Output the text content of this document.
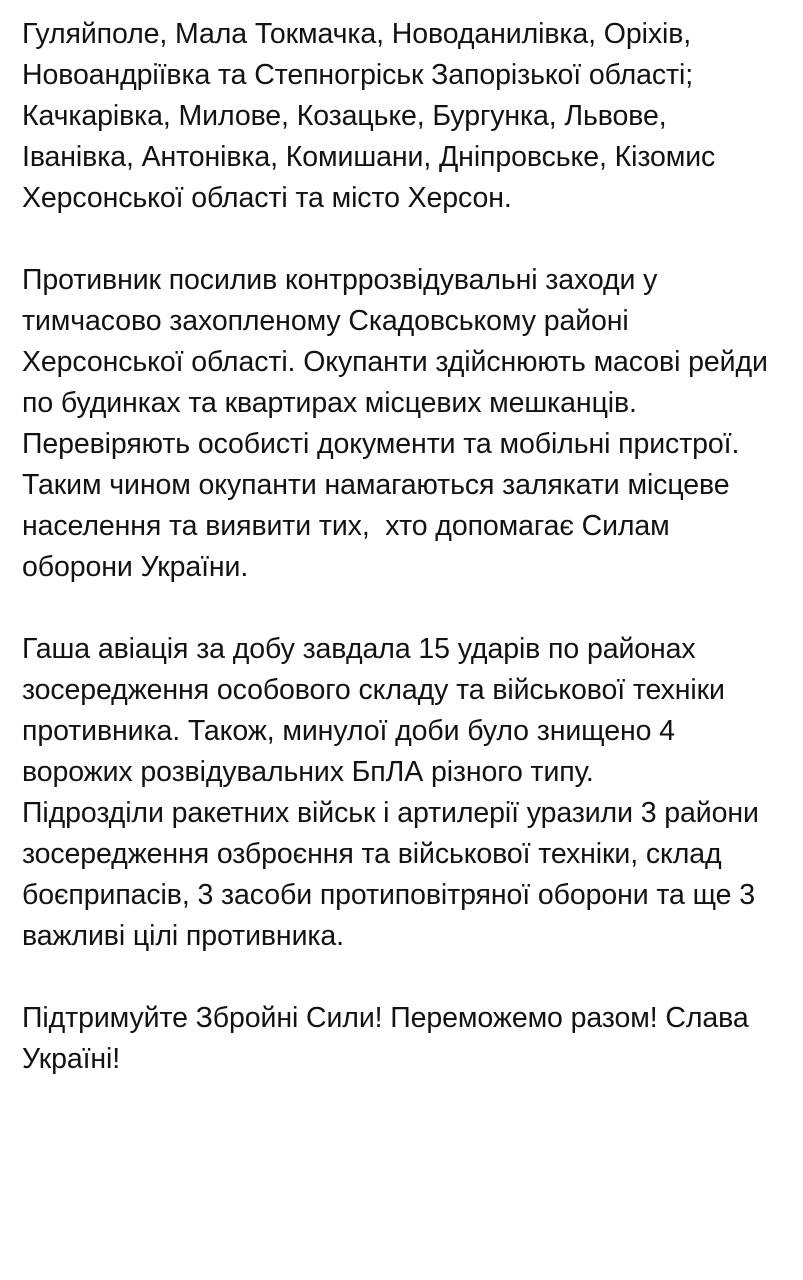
Гуляйполе, Мала Токмачка, Новоданилівка, Оріхів, Новоандріївка та Степногріськ Запорізької області; Качкарівка, Милове, Козацьке, Бургунка, Львове, Іванівка, Антонівка, Комишани, Дніпровське, Кізомис Херсонської області та місто Херсон.

Противник посилив контррозвідувальні заходи у тимчасово захопленому Скадовському районі Херсонської області. Окупанти здійснюють масові рейди по будинках та квартирах місцевих мешканців. Перевіряють особисті документи та мобільні пристрої. Таким чином окупанти намагаються залякати місцеве населення та виявити тих,  хто допомагає Силам оборони України.

Гаша авіація за добу завдала 15 ударів по районах зосередження особового складу та військової техніки противника. Також, минулої доби було знищено 4 ворожих розвідувальних БпЛА різного типу.

Підрозділи ракетних військ і артилерії уразили 3 райони зосередження озброєння та військової техніки, склад боєприпасів, 3 засоби протиповітряної оборони та ще 3 важливі цілі противника.

Підтримуйте Збройні Сили! Переможемо разом! Слава Україні!
